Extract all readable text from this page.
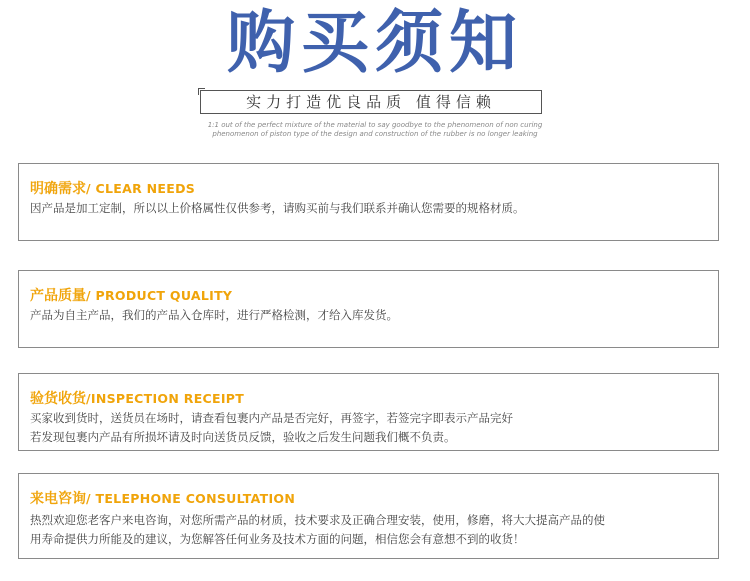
购买须知
实力打造优良品质 值得信赖
1:1 out of the perfect mixture of the material to say goodbye to the phenomenon of non curing
phenomenon of piston type of the design and construction of the rubber is no longer leaking
明确需求/ CLEAR NEEDS
因产品是加工定制，所以以上价格属性仅供参考，请购买前与我们联系并确认您需要的规格材质。
产品质量/ PRODUCT QUALITY
产品为自主产品，我们的产品入仓库时，进行严格检测，才给入库发货。
验货收货/INSPECTION RECEIPT
买家收到货时，送货员在场时，请查看包裹内产品是否完好，再签字，若签完字即表示产品完好
若发现包裹内产品有所损坏请及时向送货员反馈，验收之后发生问题我们概不负责。
来电咨询/ TELEPHONE CONSULTATION
热烈欢迎您老客户来电咨询，对您所需产品的材质，技术要求及正确合理安装，使用，修磨，将大大提高产品的使
用寿命提供力所能及的建议，为您解答任何业务及技术方面的问题，相信您会有意想不到的收货！
